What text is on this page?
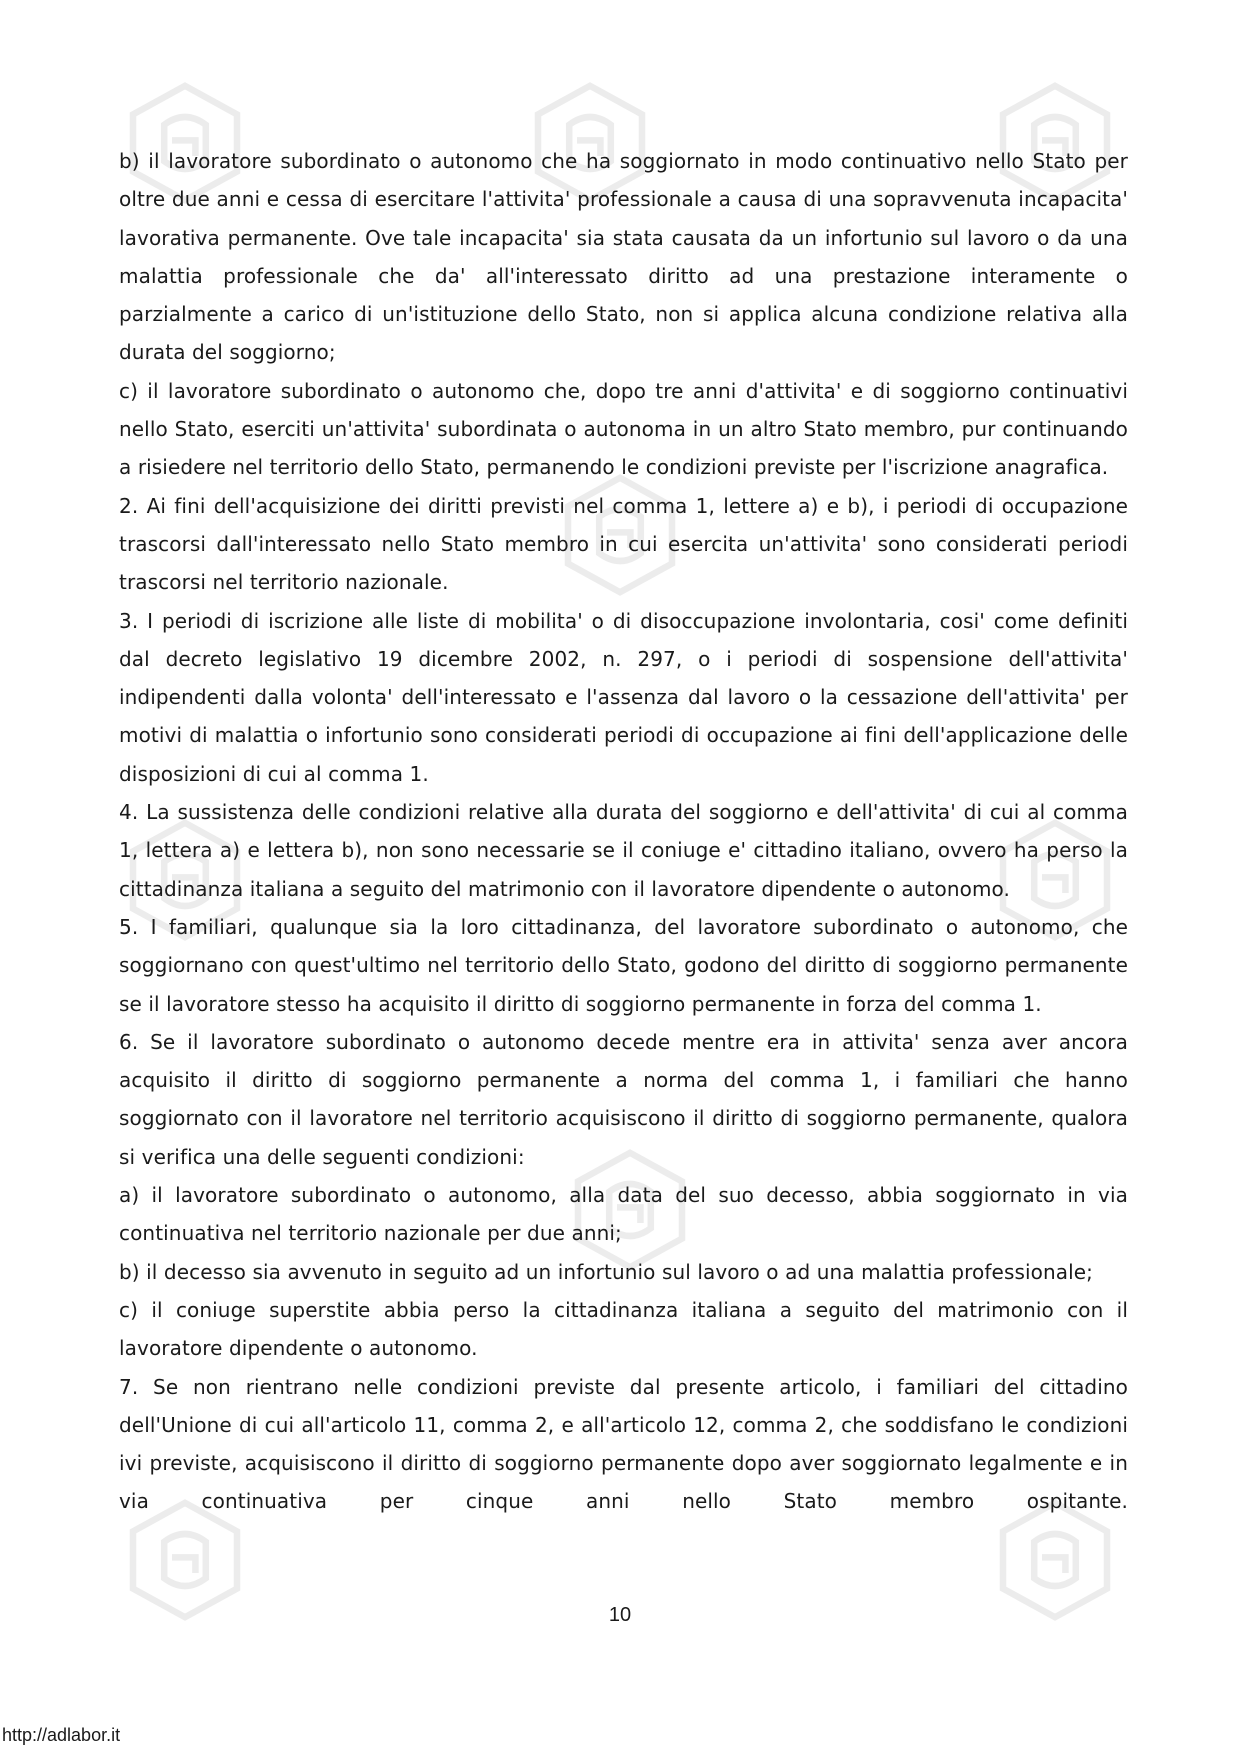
b) il lavoratore subordinato o autonomo che ha soggiornato in modo continuativo nello Stato per oltre due anni e cessa di esercitare l'attivita' professionale a causa di una sopravvenuta incapacita' lavorativa permanente. Ove tale incapacita' sia stata causata da un infortunio sul lavoro o da una malattia professionale che da' all'interessato diritto ad una prestazione interamente o parzialmente a carico di un'istituzione dello Stato, non si applica alcuna condizione relativa alla durata del soggiorno;

c) il lavoratore subordinato o autonomo che, dopo tre anni d'attivita' e di soggiorno continuativi nello Stato, eserciti un'attivita' subordinata o autonoma in un altro Stato membro, pur continuando a risiedere nel territorio dello Stato, permanendo le condizioni previste per l'iscrizione anagrafica.

2. Ai fini dell'acquisizione dei diritti previsti nel comma 1, lettere a) e b), i periodi di occupazione trascorsi dall'interessato nello Stato membro in cui esercita un'attivita' sono considerati periodi trascorsi nel territorio nazionale.

3. I periodi di iscrizione alle liste di mobilita' o di disoccupazione involontaria, cosi' come definiti dal decreto legislativo 19 dicembre 2002, n. 297, o i periodi di sospensione dell'attivita' indipendenti dalla volonta' dell'interessato e l'assenza dal lavoro o la cessazione dell'attivita' per motivi di malattia o infortunio sono considerati periodi di occupazione ai fini dell'applicazione delle disposizioni di cui al comma 1.

4. La sussistenza delle condizioni relative alla durata del soggiorno e dell'attivita' di cui al comma 1, lettera a) e lettera b), non sono necessarie se il coniuge e' cittadino italiano, ovvero ha perso la cittadinanza italiana a seguito del matrimonio con il lavoratore dipendente o autonomo.

5. I familiari, qualunque sia la loro cittadinanza, del lavoratore subordinato o autonomo, che soggiornano con quest'ultimo nel territorio dello Stato, godono del diritto di soggiorno permanente se il lavoratore stesso ha acquisito il diritto di soggiorno permanente in forza del comma 1.

6. Se il lavoratore subordinato o autonomo decede mentre era in attivita' senza aver ancora acquisito il diritto di soggiorno permanente a norma del comma 1, i familiari che hanno soggiornato con il lavoratore nel territorio acquisiscono il diritto di soggiorno permanente, qualora si verifica una delle seguenti condizioni:

a) il lavoratore subordinato o autonomo, alla data del suo decesso, abbia soggiornato in via continuativa nel territorio nazionale per due anni;

b) il decesso sia avvenuto in seguito ad un infortunio sul lavoro o ad una malattia professionale;

c) il coniuge superstite abbia perso la cittadinanza italiana a seguito del matrimonio con il lavoratore dipendente o autonomo.

7. Se non rientrano nelle condizioni previste dal presente articolo, i familiari del cittadino dell'Unione di cui all'articolo 11, comma 2, e all'articolo 12, comma 2, che soddisfano le condizioni ivi previste, acquisiscono il diritto di soggiorno permanente dopo aver soggiornato legalmente e in via continuativa per cinque anni nello Stato membro ospitante.

10
http://adlabor.it
